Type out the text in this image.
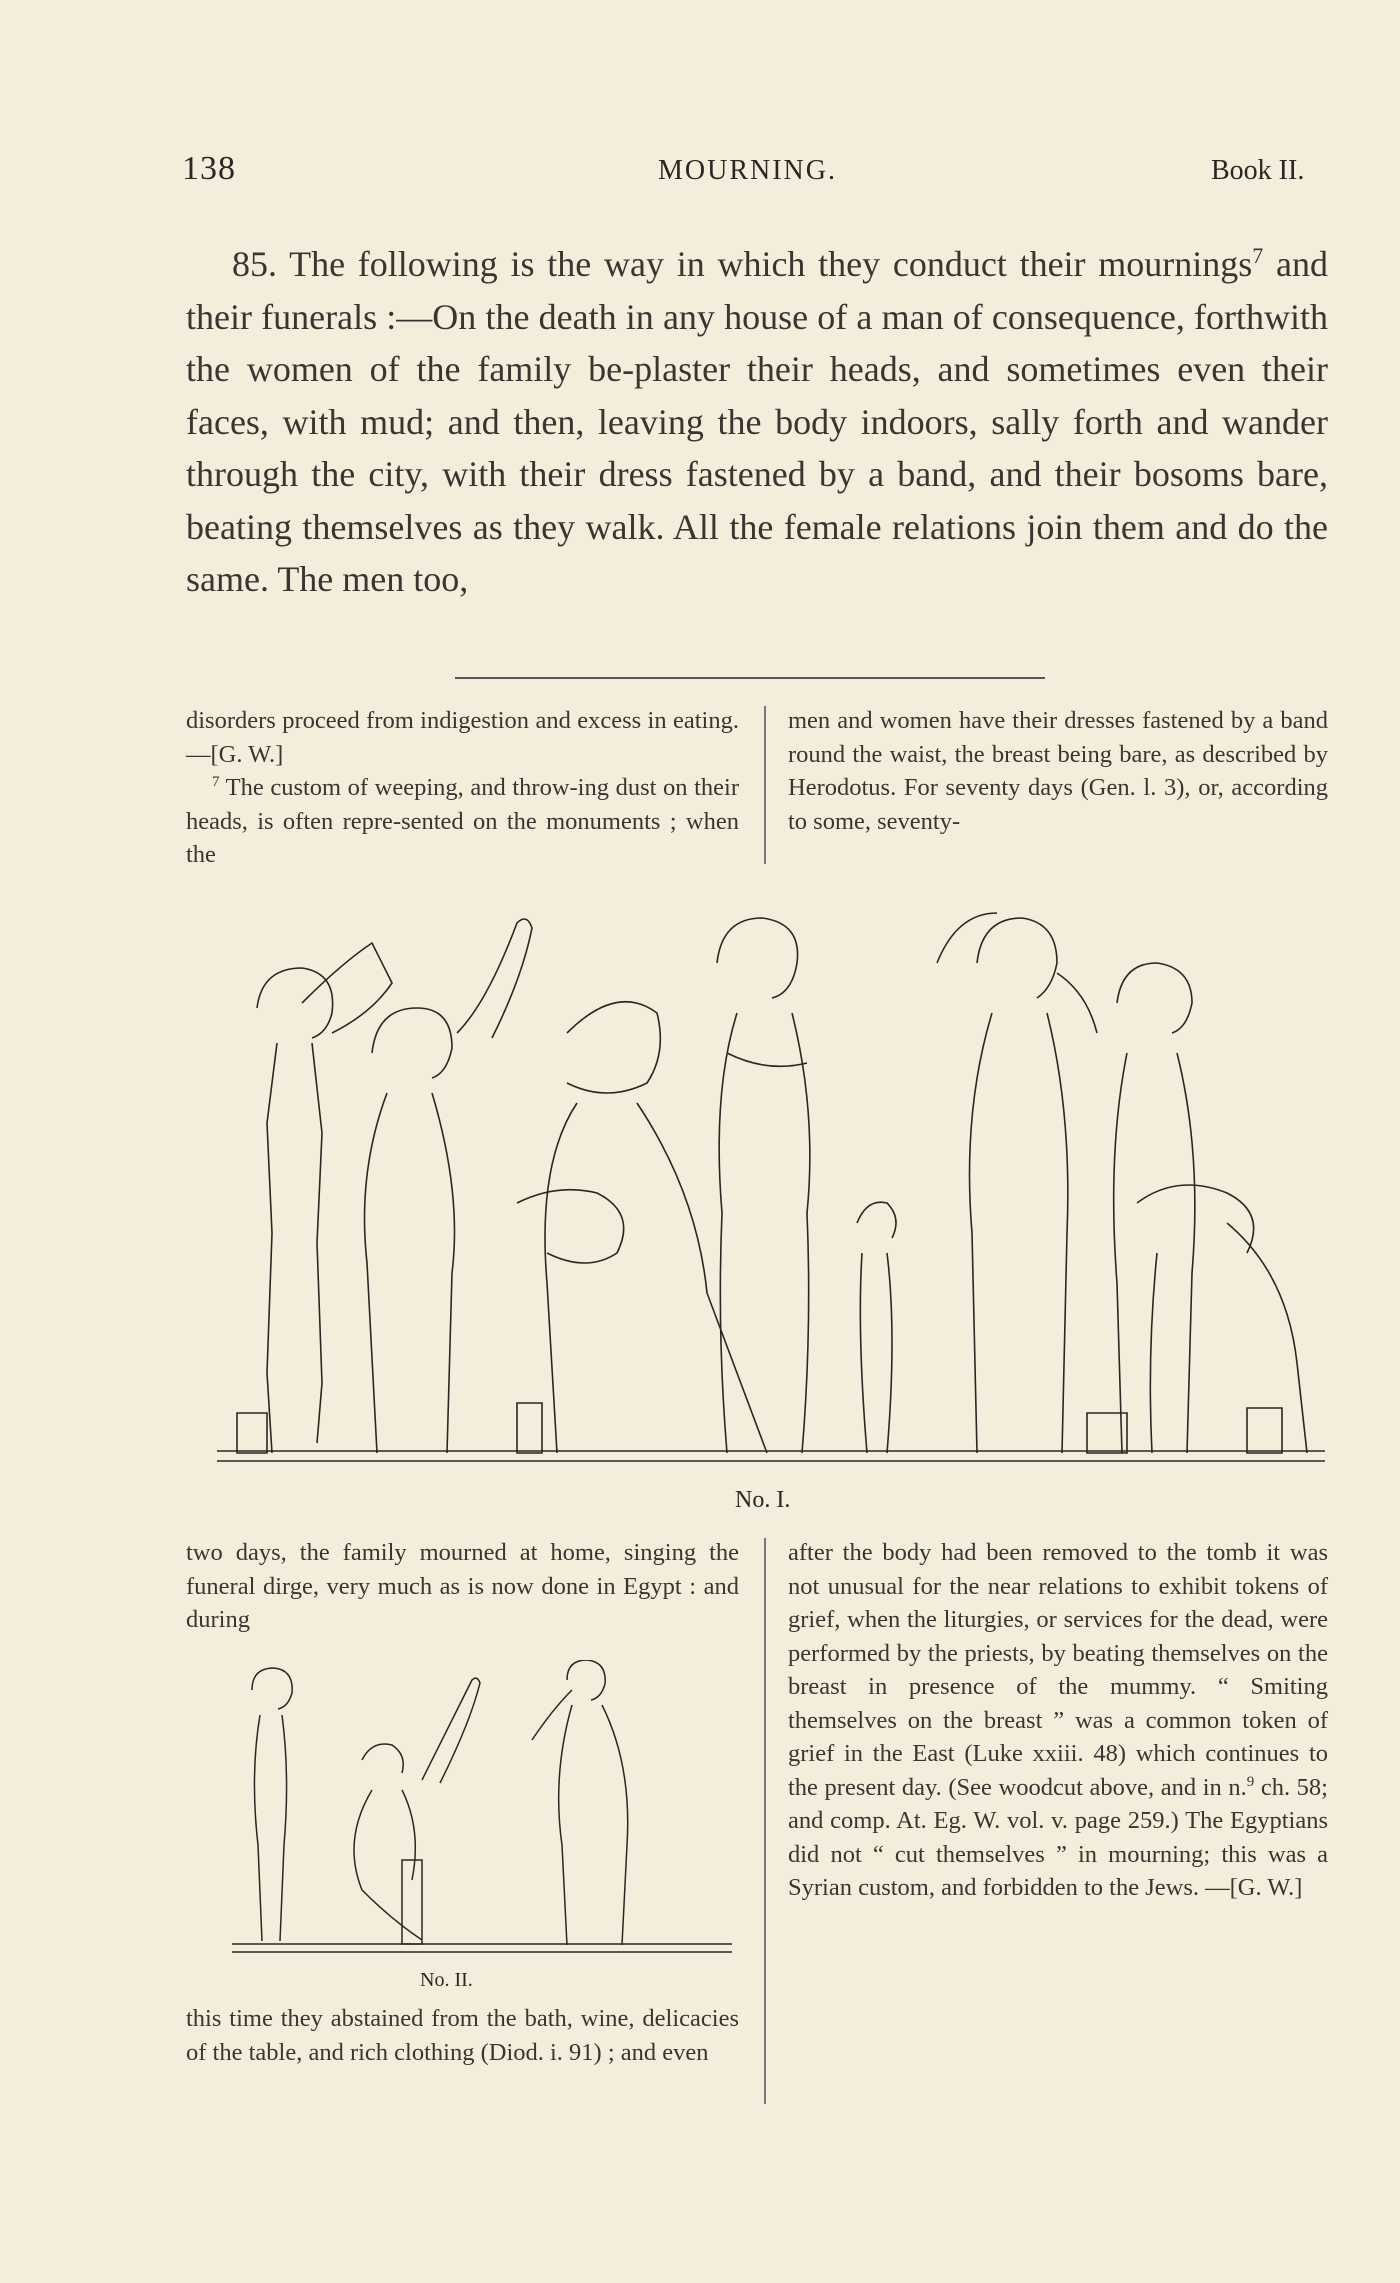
138	MOURNING.	Book II.

85. The following is the way in which they conduct their mournings$^7$ and their funerals :—On the death in any house of a man of consequence, forthwith the women of the family be-plaster their heads, and sometimes even their faces, with mud; and then, leaving the body indoors, sally forth and wander through the city, with their dress fastened by a band, and their bosoms bare, beating themselves as they walk. All the female relations join them and do the same. The men too,

disorders proceed from indigestion and excess in eating.—[G. W.]
$^7$ The custom of weeping, and throw-ing dust on their heads, is often repre-sented on the monuments ; when the
men and women have their dresses fastened by a band round the waist, the breast being bare, as described by Herodotus. For seventy days (Gen. l. 3), or, according to some, seventy-
No. I.
two days, the family mourned at home, singing the funeral dirge, very much as is now done in Egypt : and during
No. II.
this time they abstained from the bath, wine, delicacies of the table, and rich clothing (Diod. i. 91) ; and even
after the body had been removed to the tomb it was not unusual for the near relations to exhibit tokens of grief, when the liturgies, or services for the dead, were performed by the priests, by beating themselves on the breast in presence of the mummy. “ Smiting themselves on the breast ” was a common token of grief in the East (Luke xxiii. 48) which continues to the present day. (See woodcut above, and in n.$^9$ ch. 58; and comp. At. Eg. W. vol. v. page 259.) The Egyptians did not “ cut themselves ” in mourning; this was a Syrian custom, and forbidden to the Jews. —[G. W.]
